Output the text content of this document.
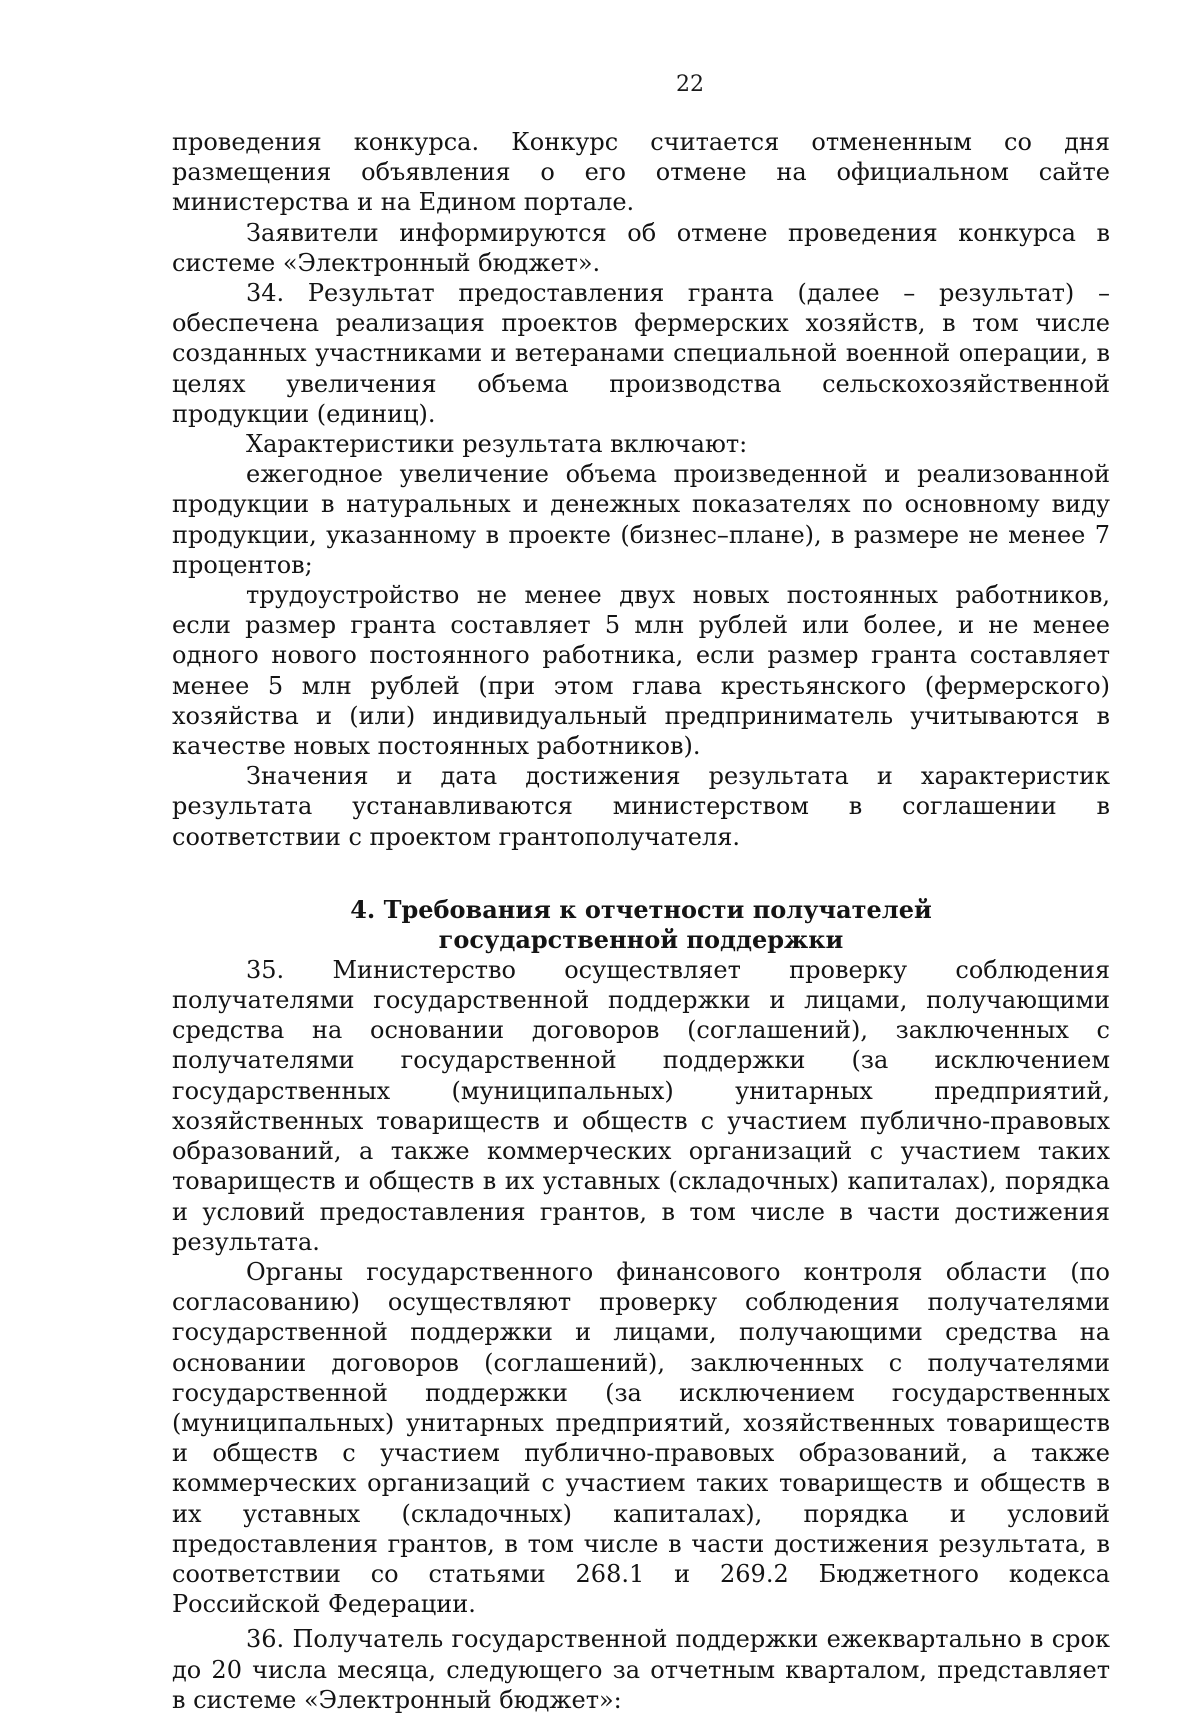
22

проведения конкурса. Конкурс считается отмененным со дня размещения объявления о его отмене на официальном сайте министерства и на Едином портале.

Заявители информируются об отмене проведения конкурса в системе «Электронный бюджет».

34. Результат предоставления гранта (далее – результат) – обеспечена реализация проектов фермерских хозяйств, в том числе созданных участниками и ветеранами специальной военной операции, в целях увеличения объема производства сельскохозяйственной продукции (единиц).

Характеристики результата включают:

ежегодное увеличение объема произведенной и реализованной продукции в натуральных и денежных показателях по основному виду продукции, указанному в проекте (бизнес–плане), в размере не менее 7 процентов;

трудоустройство не менее двух новых постоянных работников, если размер гранта составляет 5 млн рублей или более, и не менее одного нового постоянного работника, если размер гранта составляет менее 5 млн рублей (при этом глава крестьянского (фермерского) хозяйства и (или) индивидуальный предприниматель учитываются в качестве новых постоянных работников).

Значения и дата достижения результата и характеристик результата устанавливаются министерством в соглашении в соответствии с проектом грантополучателя.

4. Требования к отчетности получателей
государственной поддержки

35. Министерство осуществляет проверку соблюдения получателями государственной поддержки и лицами, получающими средства на основании договоров (соглашений), заключенных с получателями государственной поддержки (за исключением государственных (муниципальных) унитарных предприятий, хозяйственных товариществ и обществ с участием публично-правовых образований, а также коммерческих организаций с участием таких товариществ и обществ в их уставных (складочных) капиталах), порядка и условий предоставления грантов, в том числе в части достижения результата.

Органы государственного финансового контроля области (по согласованию) осуществляют проверку соблюдения получателями государственной поддержки и лицами, получающими средства на основании договоров (соглашений), заключенных с получателями государственной поддержки (за исключением государственных (муниципальных) унитарных предприятий, хозяйственных товариществ и обществ с участием публично-правовых образований, а также коммерческих организаций с участием таких товариществ и обществ в их уставных (складочных) капиталах), порядка и условий предоставления грантов, в том числе в части достижения результата, в соответствии со статьями 268.1 и 269.2 Бюджетного кодекса Российской Федерации.

36. Получатель государственной поддержки ежеквартально в срок до 20 числа месяца, следующего за отчетным кварталом, представляет в системе «Электронный бюджет»:
